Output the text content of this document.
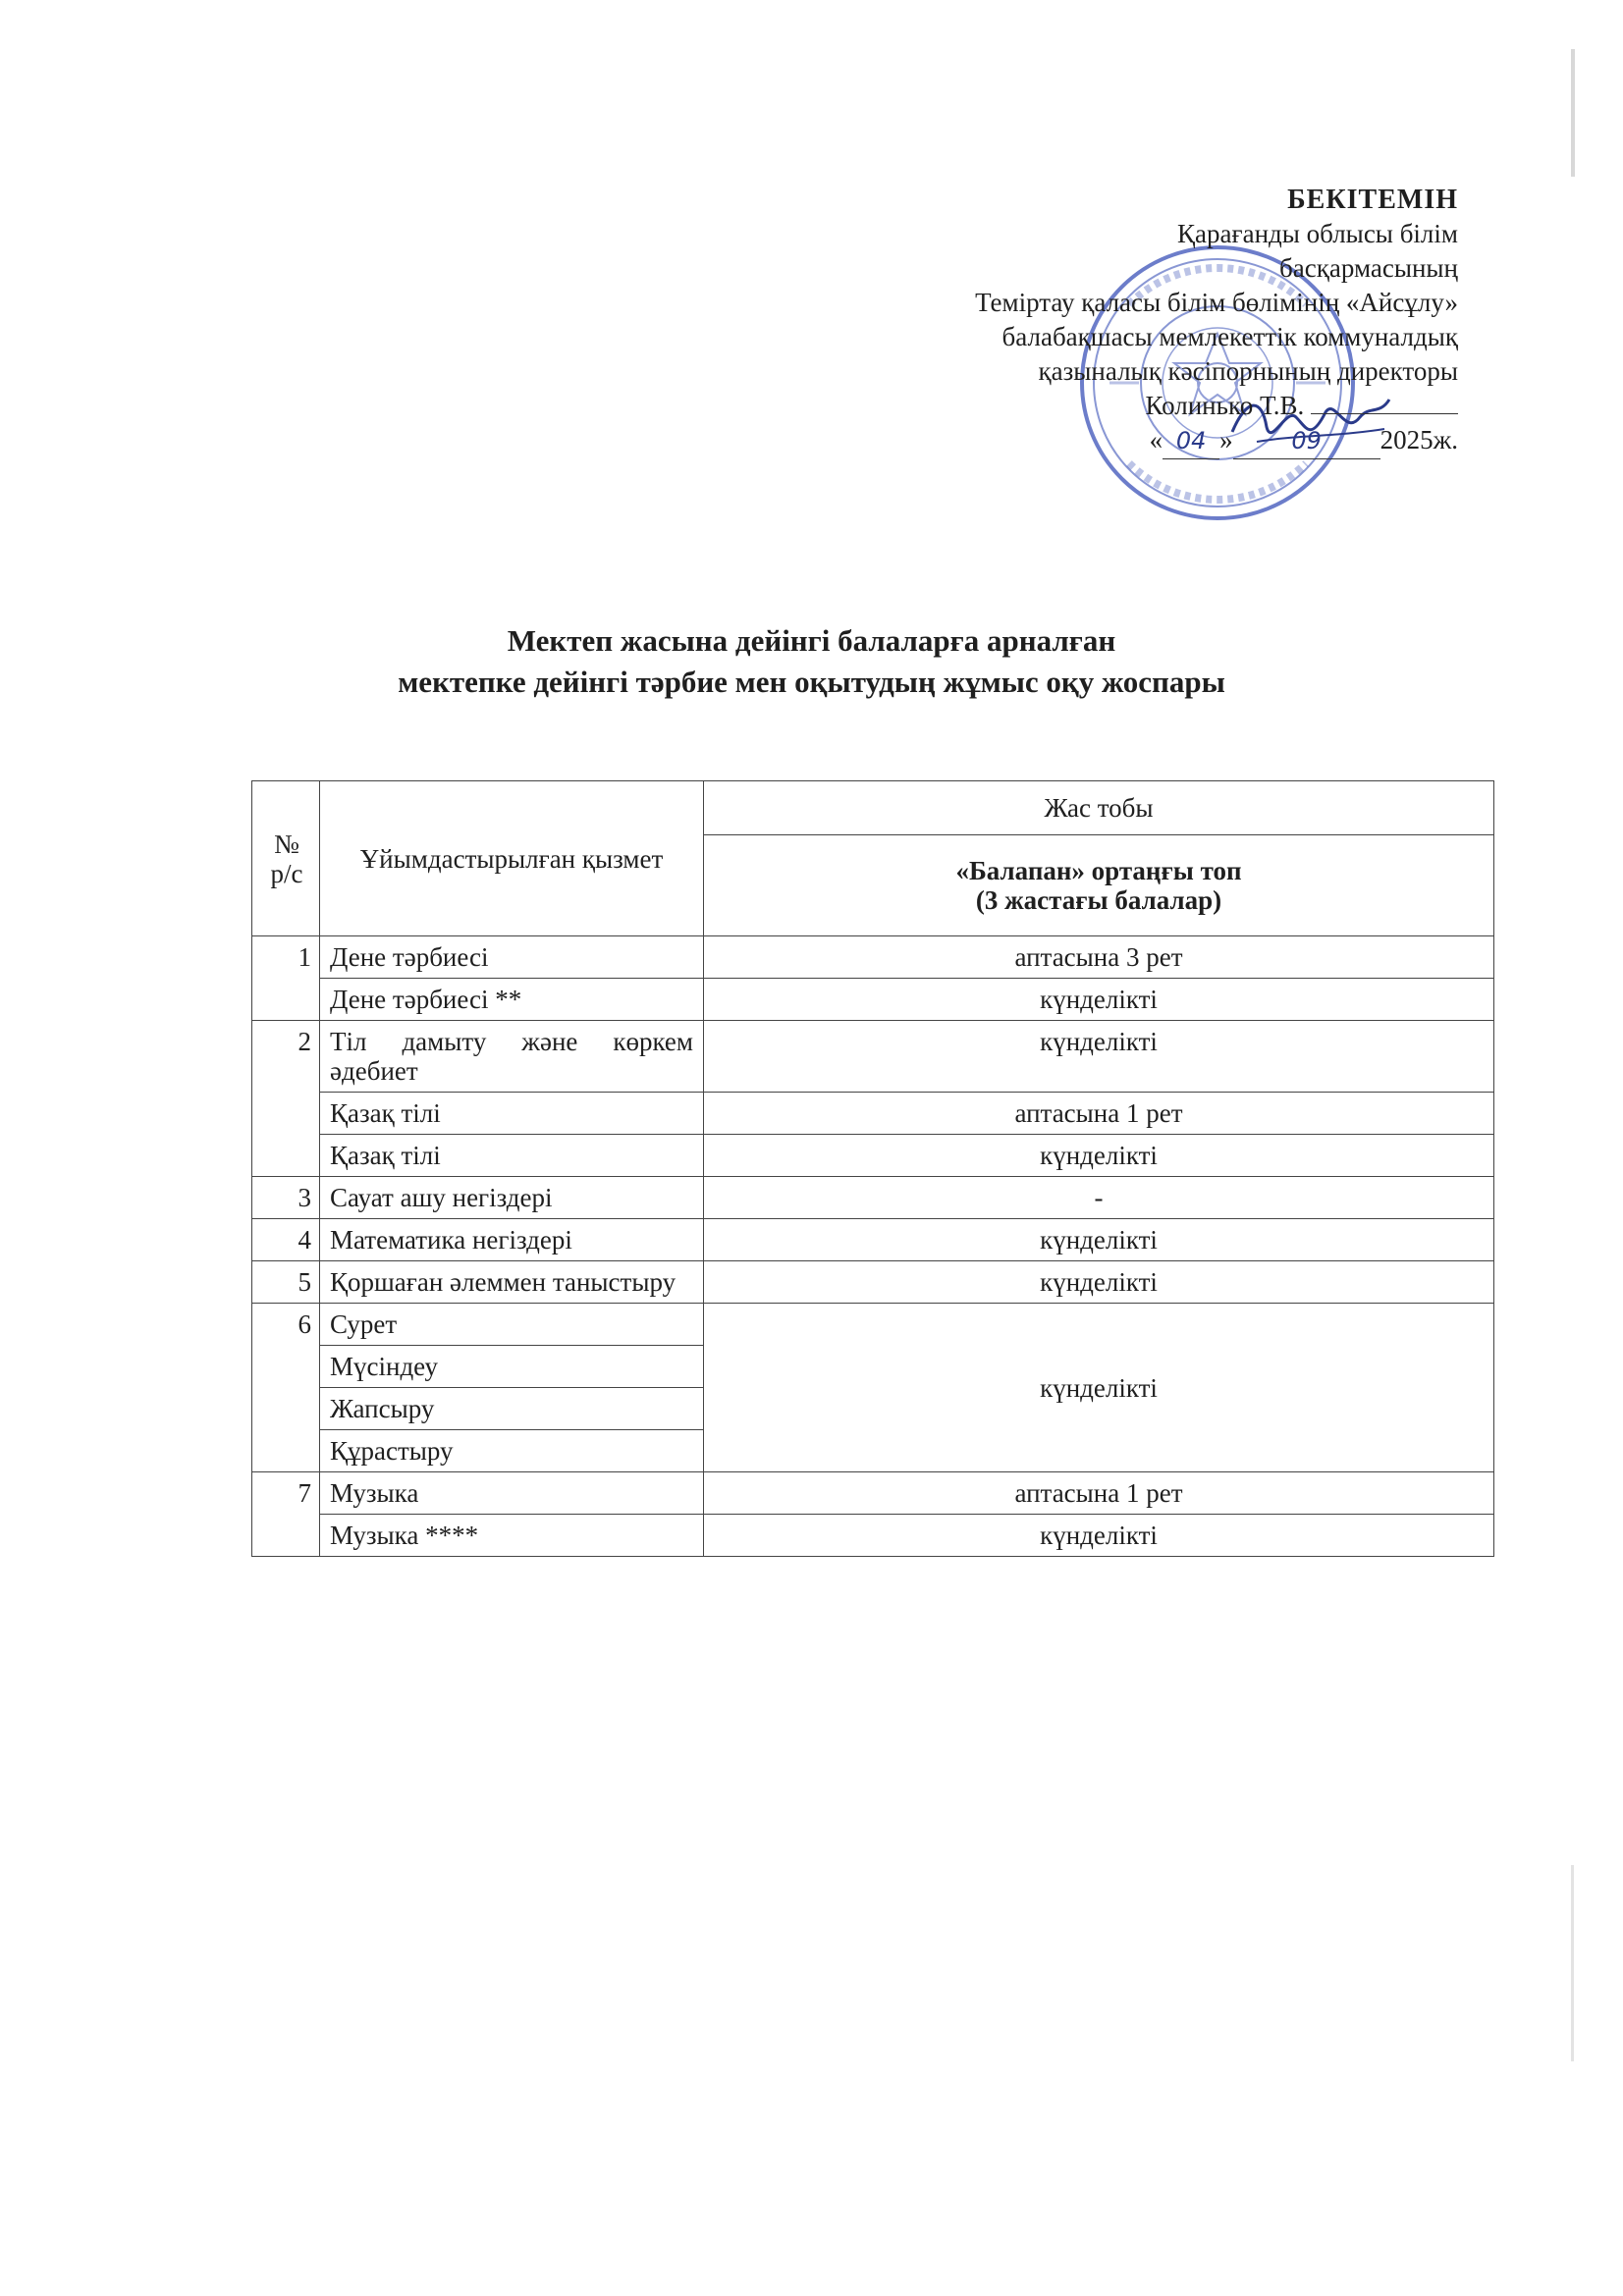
БЕКІТЕМІН
Қарағанды облысы білім
басқармасының
Теміртау қаласы білім бөлімінің «Айсұлу»
балабақшасы мемлекеттік коммуналдық
қазыналық кәсіпорнының директоры
Колинько Т.В.
« 04 » 09 2025ж.
Мектеп жасына дейінгі балаларға арналған
мектепке дейінгі тәрбие мен оқытудың жұмыс оқу жоспары
№ р/с	Ұйымдастырылған қызмет	Жас тобы

		«Балапан» ортаңғы топ
(3 жастағы балалар)

1	Дене тәрбиесі	аптасына 3 рет
	Дене тәрбиесі **	күнделікті
2	Тіл дамыту және көркем әдебиет	күнделікті
	Қазақ тілі	аптасына 1 рет
	Қазақ тілі	күнделікті
3	Сауат ашу негіздері	-
4	Математика негіздері	күнделікті
5	Қоршаған әлеммен таныстыру	күнделікті
6	Сурет	күнделікті
	Мүсіндеу	
	Жапсыру	
	Құрастыру	
7	Музыка	аптасына 1 рет
	Музыка ****	күнделікті
